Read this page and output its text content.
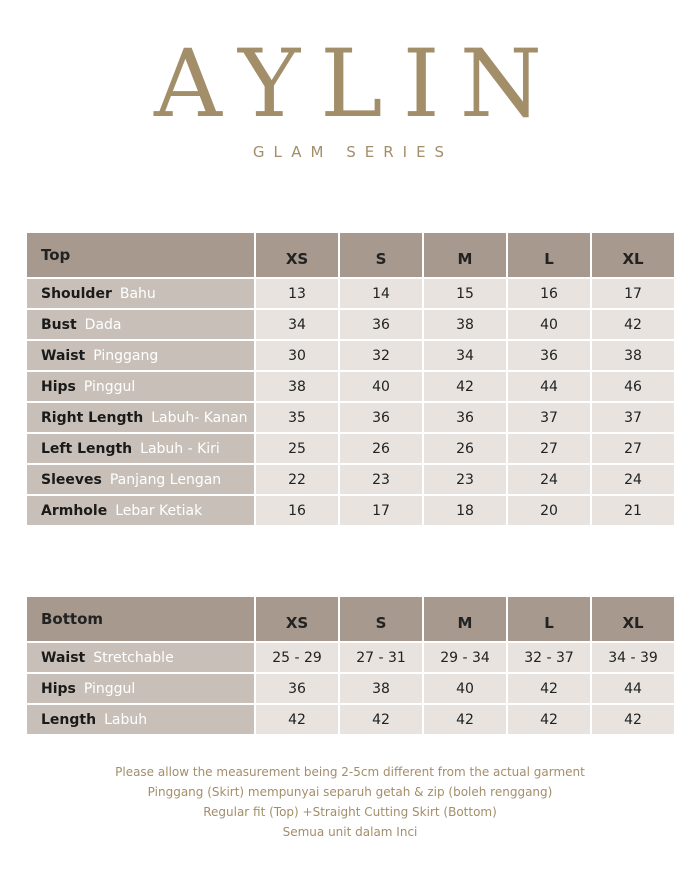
AYLIN
GLAM SERIES
Top	XS	S	M	L	XL
Shoulder Bahu	13	14	15	16	17
Bust Dada	34	36	38	40	42
Waist Pinggang	30	32	34	36	38
Hips Pinggul	38	40	42	44	46
Right Length Labuh- Kanan	35	36	36	37	37
Left Length Labuh - Kiri	25	26	26	27	27
Sleeves Panjang Lengan	22	23	23	24	24
Armhole Lebar Ketiak	16	17	18	20	21
Bottom	XS	S	M	L	XL
Waist Stretchable	25 - 29	27 - 31	29 - 34	32 - 37	34 - 39
Hips Pinggul	36	38	40	42	44
Length Labuh	42	42	42	42	42
Please allow the measurement being 2-5cm different from the actual garment
Pinggang (Skirt) mempunyai separuh getah & zip (boleh renggang)
Regular fit (Top) +Straight Cutting Skirt (Bottom)
Semua unit dalam Inci
